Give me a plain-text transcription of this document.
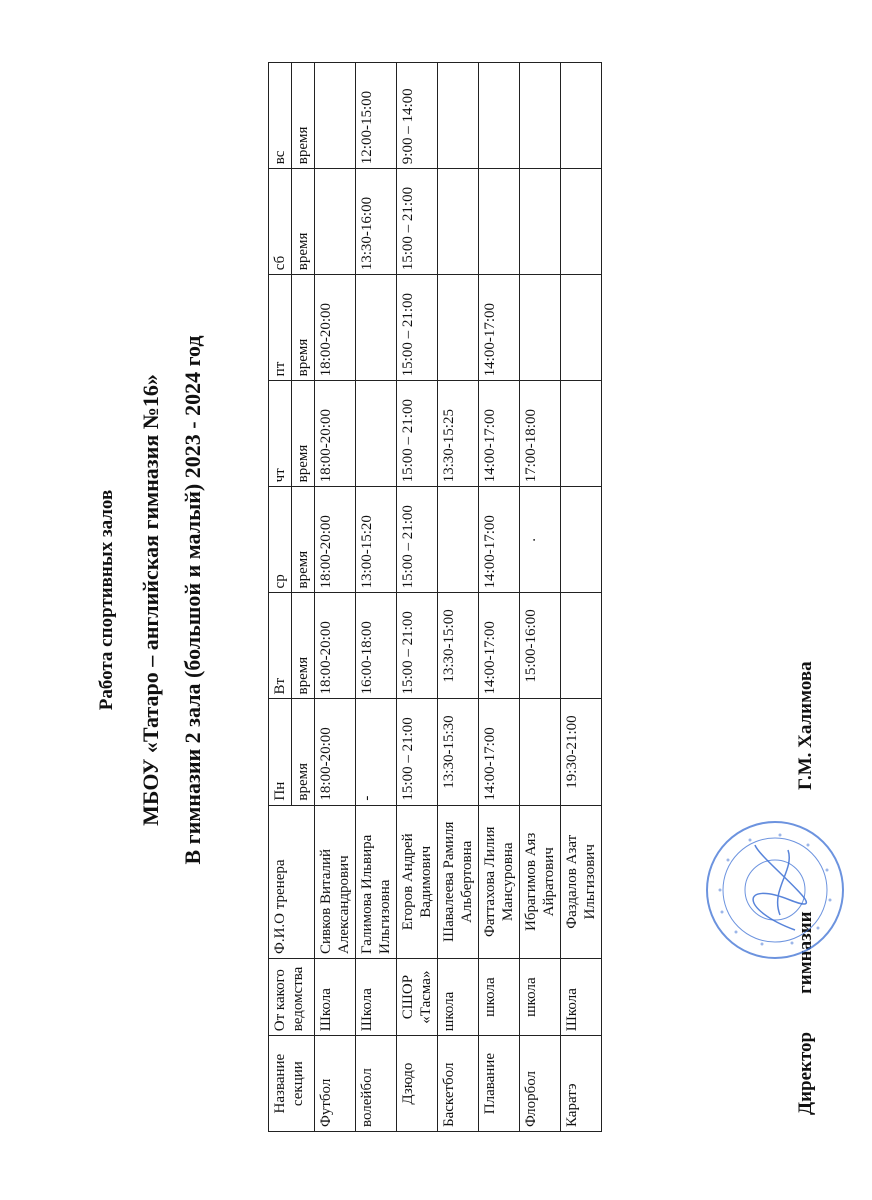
Работа спортивных залов МБОУ «Татаро – английская гимназия №16» В гимназии 2 зала (большой и малый) 2023 - 2024 год
Название секции	От какого ведомства	Ф.И.О тренера	Пн	Вт	ср	чт	пт	сб	вс
			время	время	время	время	время	время	время
Футбол	Школа	Сивков Виталий Александрович	18:00-20:00	18:00-20:00	18:00-20:00	18:00-20:00	18:00-20:00		
волейбол	Школа	Галимова Ильвира Ильгизовна	-	16:00-18:00	13:00-15:20			13:30-16:00	12:00-15:00
Дзюдо	СШОР «Тасма»	Егоров Андрей Вадимович	15:00 – 21:00	15:00 – 21:00	15:00 – 21:00	15:00 – 21:00	15:00 – 21:00	15:00 – 21:00	9:00 – 14:00
Баскетбол	школа	Шавалеева Рамиля Альбертовна	13:30-15:30	13:30-15:00		13:30-15:25			
Плавание	школа	Фаттахова Лилия Мансуровна	14:00-17:00	14:00-17:00	14:00-17:00	14:00-17:00	14:00-17:00		
Флорбол	школа	Ибрагимов Аяз Айратович		15:00-16:00	.	17:00-18:00			
Каратэ	Школа	Фаздалов Азат Ильгизович	19:30-21:00						
Директоргимназии
Г.М. Халимова
